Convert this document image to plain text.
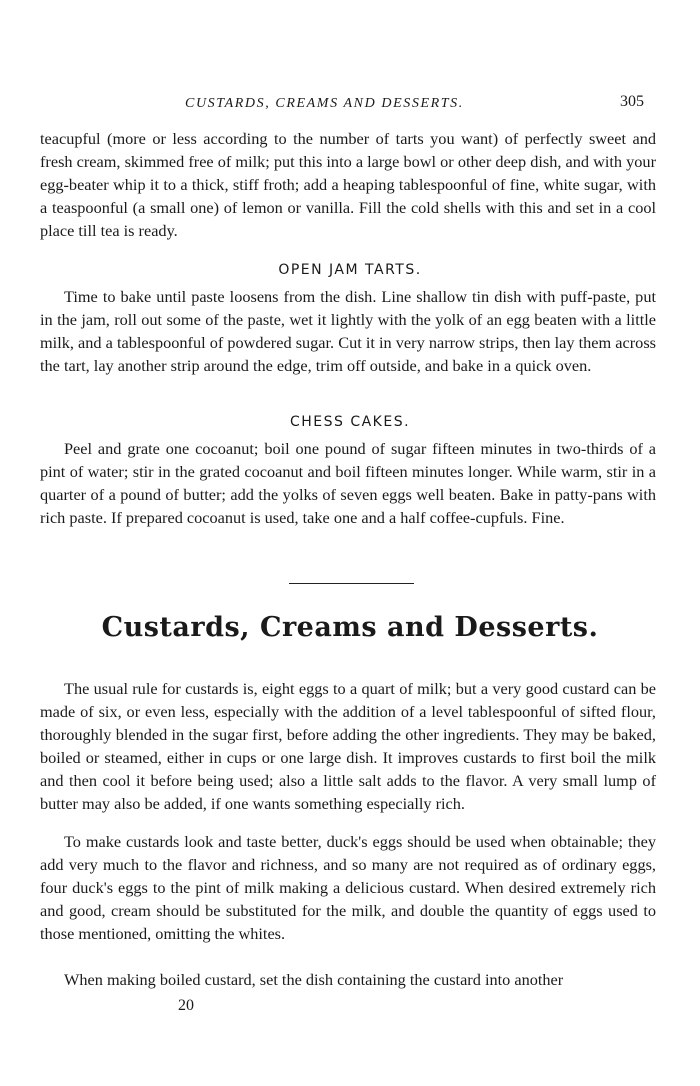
CUSTARDS, CREAMS AND DESSERTS.	305

teacupful (more or less according to the number of tarts you want) of perfectly sweet and fresh cream, skimmed free of milk; put this into a large bowl or other deep dish, and with your egg-beater whip it to a thick, stiff froth; add a heaping tablespoonful of fine, white sugar, with a teaspoonful (a small one) of lemon or vanilla. Fill the cold shells with this and set in a cool place till tea is ready.

OPEN JAM TARTS.

Time to bake until paste loosens from the dish. Line shallow tin dish with puff-paste, put in the jam, roll out some of the paste, wet it lightly with the yolk of an egg beaten with a little milk, and a tablespoonful of powdered sugar. Cut it in very narrow strips, then lay them across the tart, lay another strip around the edge, trim off outside, and bake in a quick oven.

CHESS CAKES.

Peel and grate one cocoanut; boil one pound of sugar fifteen minutes in two-thirds of a pint of water; stir in the grated cocoanut and boil fifteen minutes longer. While warm, stir in a quarter of a pound of butter; add the yolks of seven eggs well beaten. Bake in patty-pans with rich paste. If prepared cocoanut is used, take one and a half coffee-cupfuls. Fine.

Custards, Creams and Desserts.

The usual rule for custards is, eight eggs to a quart of milk; but a very good custard can be made of six, or even less, especially with the addition of a level tablespoonful of sifted flour, thoroughly blended in the sugar first, before adding the other ingredients. They may be baked, boiled or steamed, either in cups or one large dish. It improves custards to first boil the milk and then cool it before being used; also a little salt adds to the flavor. A very small lump of butter may also be added, if one wants something especially rich.

To make custards look and taste better, duck's eggs should be used when obtainable; they add very much to the flavor and richness, and so many are not required as of ordinary eggs, four duck's eggs to the pint of milk making a delicious custard. When desired extremely rich and good, cream should be substituted for the milk, and double the quantity of eggs used to those mentioned, omitting the whites.

When making boiled custard, set the dish containing the custard into another

20
